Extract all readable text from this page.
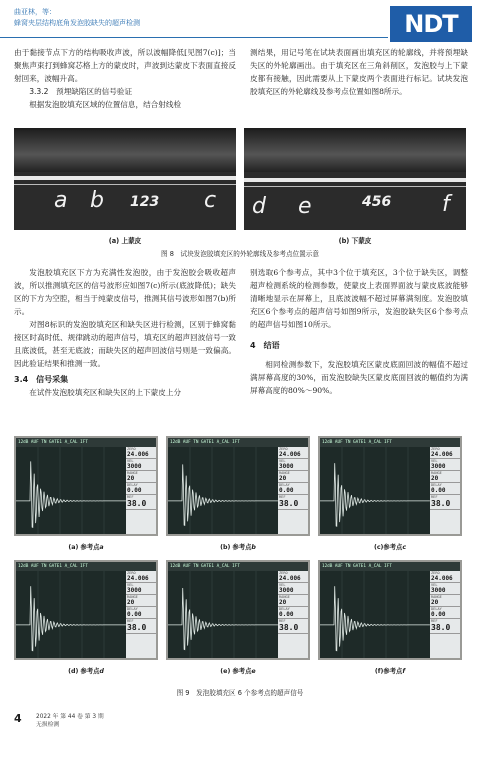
曲亚林，等：
蜂窝夹层结构底角发泡胶缺失的超声检测	NDT

由于黏接节点下方的结构吸收声波，所以波幅降低[见图7(c)]；当聚焦声束打到蜂窝芯格上方的蒙皮时，声波到达蒙皮下表面直接反射回来，波幅升高。

3.3.2　预埋缺陷区的信号验证

根据发泡胶填充区域的位置信息，结合射线检

测结果，用记号笔在试块表面画出填充区的轮廓线，并将预埋缺失区的外轮廓画出。由于填充区在三角斜削区，发泡胶与上下蒙皮都有接触，因此需要从上下蒙皮两个表面进行标记。试块发泡胶填充区的外轮廓线及参考点位置如图8所示。

a b 123 c d e	456 f
(a) 上蒙皮	(b) 下蒙皮
图 8　试块发泡胶填充区的外轮廓线及参考点位置示意

发泡胶填充区下方为充满性发泡胶，由于发泡胶会吸收超声波，所以推测填充区的信号波形应如图7(c)所示(底波降低)；缺失区的下方为空腔，相当于纯蒙皮信号，推测其信号波形如图7(b)所示。

对图8标识的发泡胶填充区和缺失区进行检测，区别于蜂窝黏接区时高时低、规律跳动的超声信号，填充区的超声回波信号一致且底波低，甚至无底波；而缺失区的超声回波信号则是一致偏高。因此验证结果和推测一致。

3.4　信号采集

在试件发泡胶填充区和缺失区的上下蒙皮上分

别选取6个参考点，其中3个位于填充区，3个位于缺失区，调整超声检测系统的检测参数，使蒙皮上表面界面波与蒙皮底波能够清晰地显示在屏幕上，且底波波幅不超过屏幕满刻度。发泡胶填充区6个参考点的超声信号如图9所示，发泡胶缺失区6个参考点的超声信号如图10所示。

4　结语

相同检测参数下，发泡胶填充区蒙皮底面回波的幅值不超过满屏幕高度的30%，而发泡胶缺失区蒙皮底面回波的幅值约为满屏幕高度的80%～90%。

12dB AUF TN GATE1 A_CAL IFT
ZERO
24.006
VEL
3000
RANGE
20
DELAY
0.00
REF
38.0
(a) 参考点a
12dB AUF TN GATE1 A_CAL IFT
ZERO
24.006
VEL
3000
RANGE
20
DELAY
0.00
REF
38.0
(b) 参考点b
12dB AUF TN GATE1 A_CAL IFT
ZERO
24.006
VEL
3000
RANGE
20
DELAY
0.00
REF
38.0
(c)参考点c
12dB AUF TN GATE1 A_CAL IFT
ZERO
24.006
VEL
3000
RANGE
20
DELAY
0.00
REF
38.0
(d) 参考点d
12dB AUF TN GATE1 A_CAL IFT
ZERO
24.006
VEL
3000
RANGE
20
DELAY
0.00
REF
38.0
(e) 参考点e
12dB AUF TN GATE1 A_CAL IFT
ZERO
24.006
VEL
3000
RANGE
20
DELAY
0.00
REF
38.0
(f)参考点f
图 9　发泡胶填充区 6 个参考点的超声信号
4 2022 年 第 44 卷 第 3 期
无损检测
